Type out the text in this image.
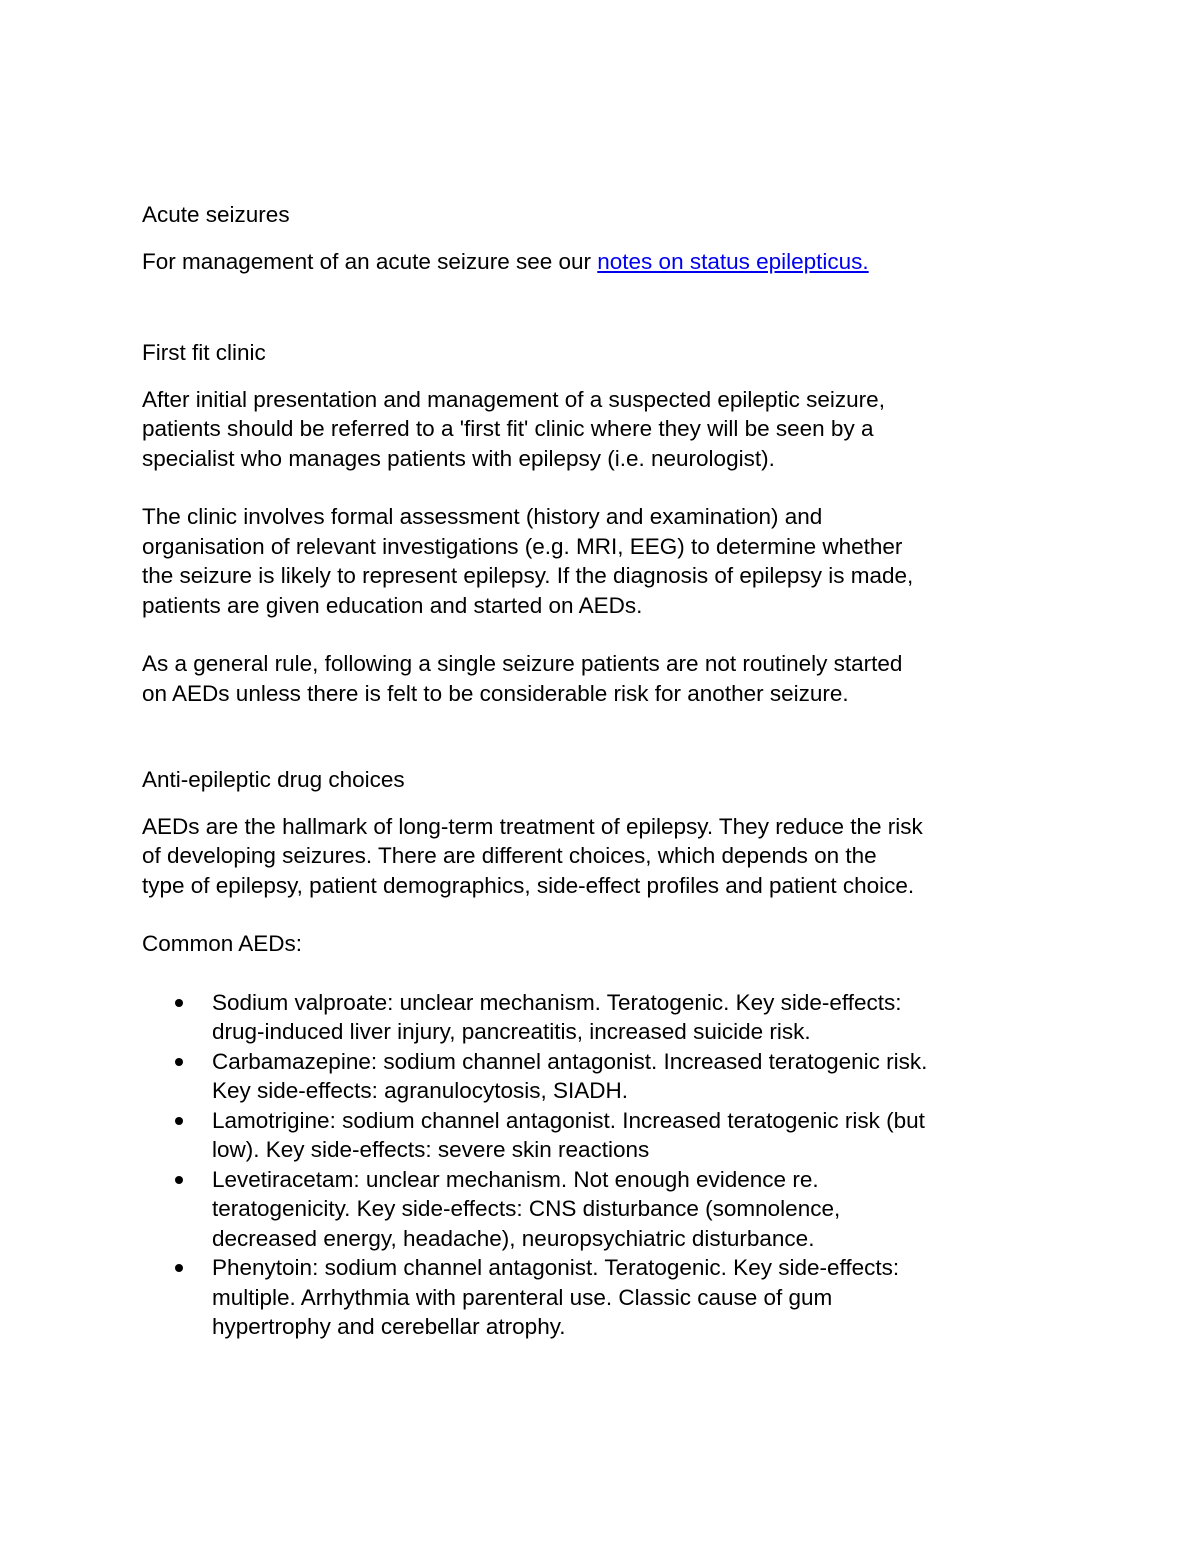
Acute seizures

For management of an acute seizure see our notes on status epilepticus.

First fit clinic

After initial presentation and management of a suspected epileptic seizure,
patients should be referred to a 'first fit' clinic where they will be seen by a
specialist who manages patients with epilepsy (i.e. neurologist).

The clinic involves formal assessment (history and examination) and
organisation of relevant investigations (e.g. MRI, EEG) to determine whether
the seizure is likely to represent epilepsy. If the diagnosis of epilepsy is made,
patients are given education and started on AEDs.

As a general rule, following a single seizure patients are not routinely started
on AEDs unless there is felt to be considerable risk for another seizure.

Anti-epileptic drug choices

AEDs are the hallmark of long-term treatment of epilepsy. They reduce the risk
of developing seizures. There are different choices, which depends on the
type of epilepsy, patient demographics, side-effect profiles and patient choice.

Common AEDs:

Sodium valproate: unclear mechanism. Teratogenic. Key side-effects:
drug-induced liver injury, pancreatitis, increased suicide risk.
Carbamazepine: sodium channel antagonist. Increased teratogenic risk.
Key side-effects: agranulocytosis, SIADH.
Lamotrigine: sodium channel antagonist. Increased teratogenic risk (but
low). Key side-effects: severe skin reactions
Levetiracetam: unclear mechanism. Not enough evidence re.
teratogenicity. Key side-effects: CNS disturbance (somnolence,
decreased energy, headache), neuropsychiatric disturbance.
Phenytoin: sodium channel antagonist. Teratogenic. Key side-effects:
multiple. Arrhythmia with parenteral use. Classic cause of gum
hypertrophy and cerebellar atrophy.
